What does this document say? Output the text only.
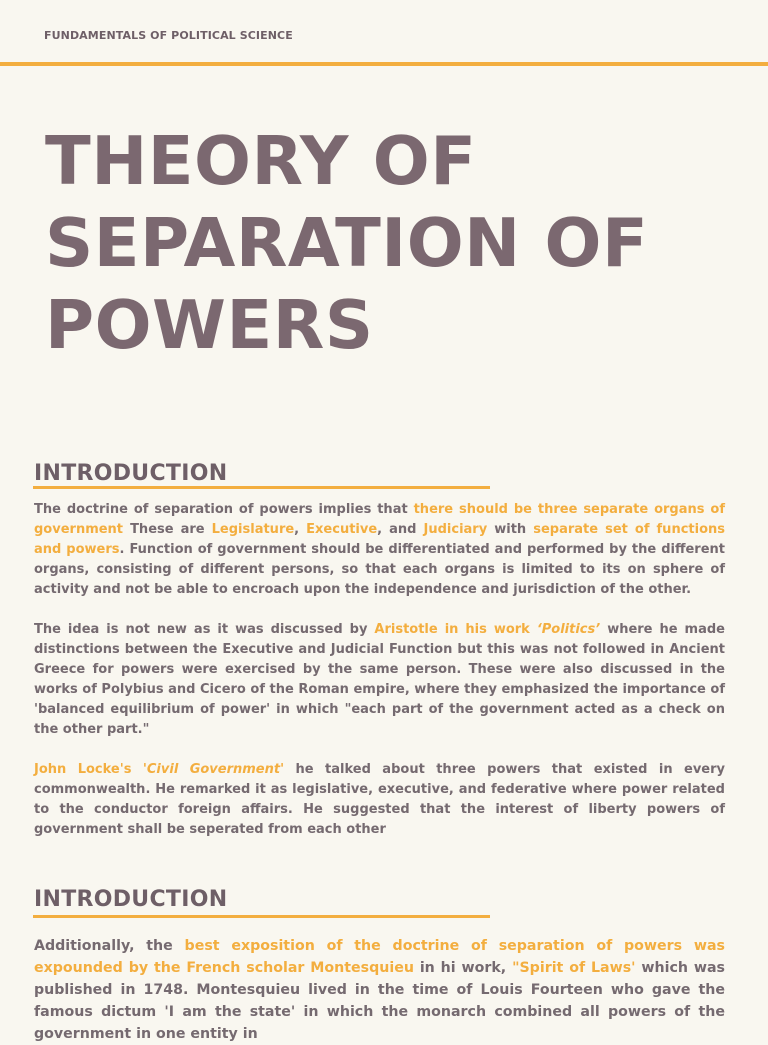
FUNDAMENTALS OF POLITICAL SCIENCE
THEORY OF
SEPARATION OF
POWERS
INTRODUCTION

The doctrine of separation of powers implies that there should be three separate organs of government These are Legislature, Executive, and Judiciary with separate set of functions and powers. Function of government should be differentiated and performed by the different organs, consisting of different persons, so that each organs is limited to its on sphere of activity and not be able to encroach upon the independence and jurisdiction of the other.

The idea is not new as it was discussed by Aristotle in his work ‘Politics’ where he made distinctions between the Executive and Judicial Function but this was not followed in Ancient Greece for powers were exercised by the same person. These were also discussed in the works of Polybius and Cicero of the Roman empire, where they emphasized the importance of 'balanced equilibrium of power' in which "each part of the government acted as a check on the other part."

John Locke's 'Civil Government' he talked about three powers that existed in every commonwealth. He remarked it as legislative, executive, and federative where power related to the conductor foreign affairs. He suggested that the interest of liberty powers of government shall be seperated from each other

INTRODUCTION

Additionally, the best exposition of the doctrine of separation of powers was expounded by the French scholar Montesquieu in hi work, "Spirit of Laws' which was published in 1748. Montesquieu lived in the time of Louis Fourteen who gave the famous dictum 'I am the state' in which the monarch combined all powers of the government in one entity in
